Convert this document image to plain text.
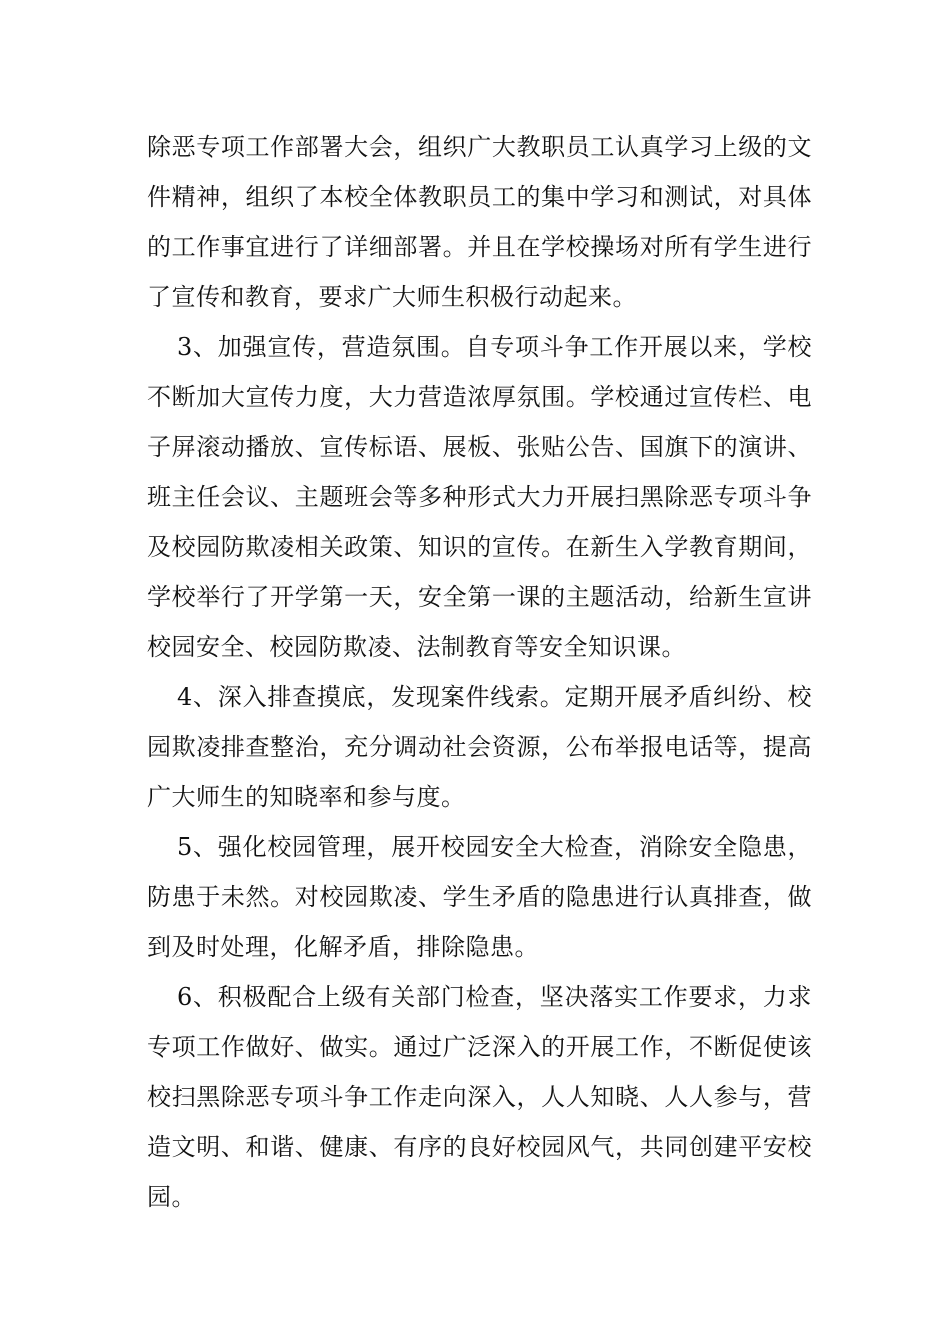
除恶专项工作部署大会，组织广大教职员工认真学习上级的文件精神，组织了本校全体教职员工的集中学习和测试，对具体的工作事宜进行了详细部署。并且在学校操场对所有学生进行了宣传和教育，要求广大师生积极行动起来。

3、加强宣传，营造氛围。自专项斗争工作开展以来，学校不断加大宣传力度，大力营造浓厚氛围。学校通过宣传栏、电子屏滚动播放、宣传标语、展板、张贴公告、国旗下的演讲、班主任会议、主题班会等多种形式大力开展扫黑除恶专项斗争及校园防欺凌相关政策、知识的宣传。在新生入学教育期间，学校举行了开学第一天，安全第一课的主题活动，给新生宣讲校园安全、校园防欺凌、法制教育等安全知识课。

4、深入排查摸底，发现案件线索。定期开展矛盾纠纷、校园欺凌排查整治，充分调动社会资源，公布举报电话等，提高广大师生的知晓率和参与度。

5、强化校园管理，展开校园安全大检查，消除安全隐患，防患于未然。对校园欺凌、学生矛盾的隐患进行认真排查，做到及时处理，化解矛盾，排除隐患。

6、积极配合上级有关部门检查，坚决落实工作要求，力求专项工作做好、做实。通过广泛深入的开展工作，不断促使该校扫黑除恶专项斗争工作走向深入，人人知晓、人人参与，营造文明、和谐、健康、有序的良好校园风气，共同创建平安校园。
